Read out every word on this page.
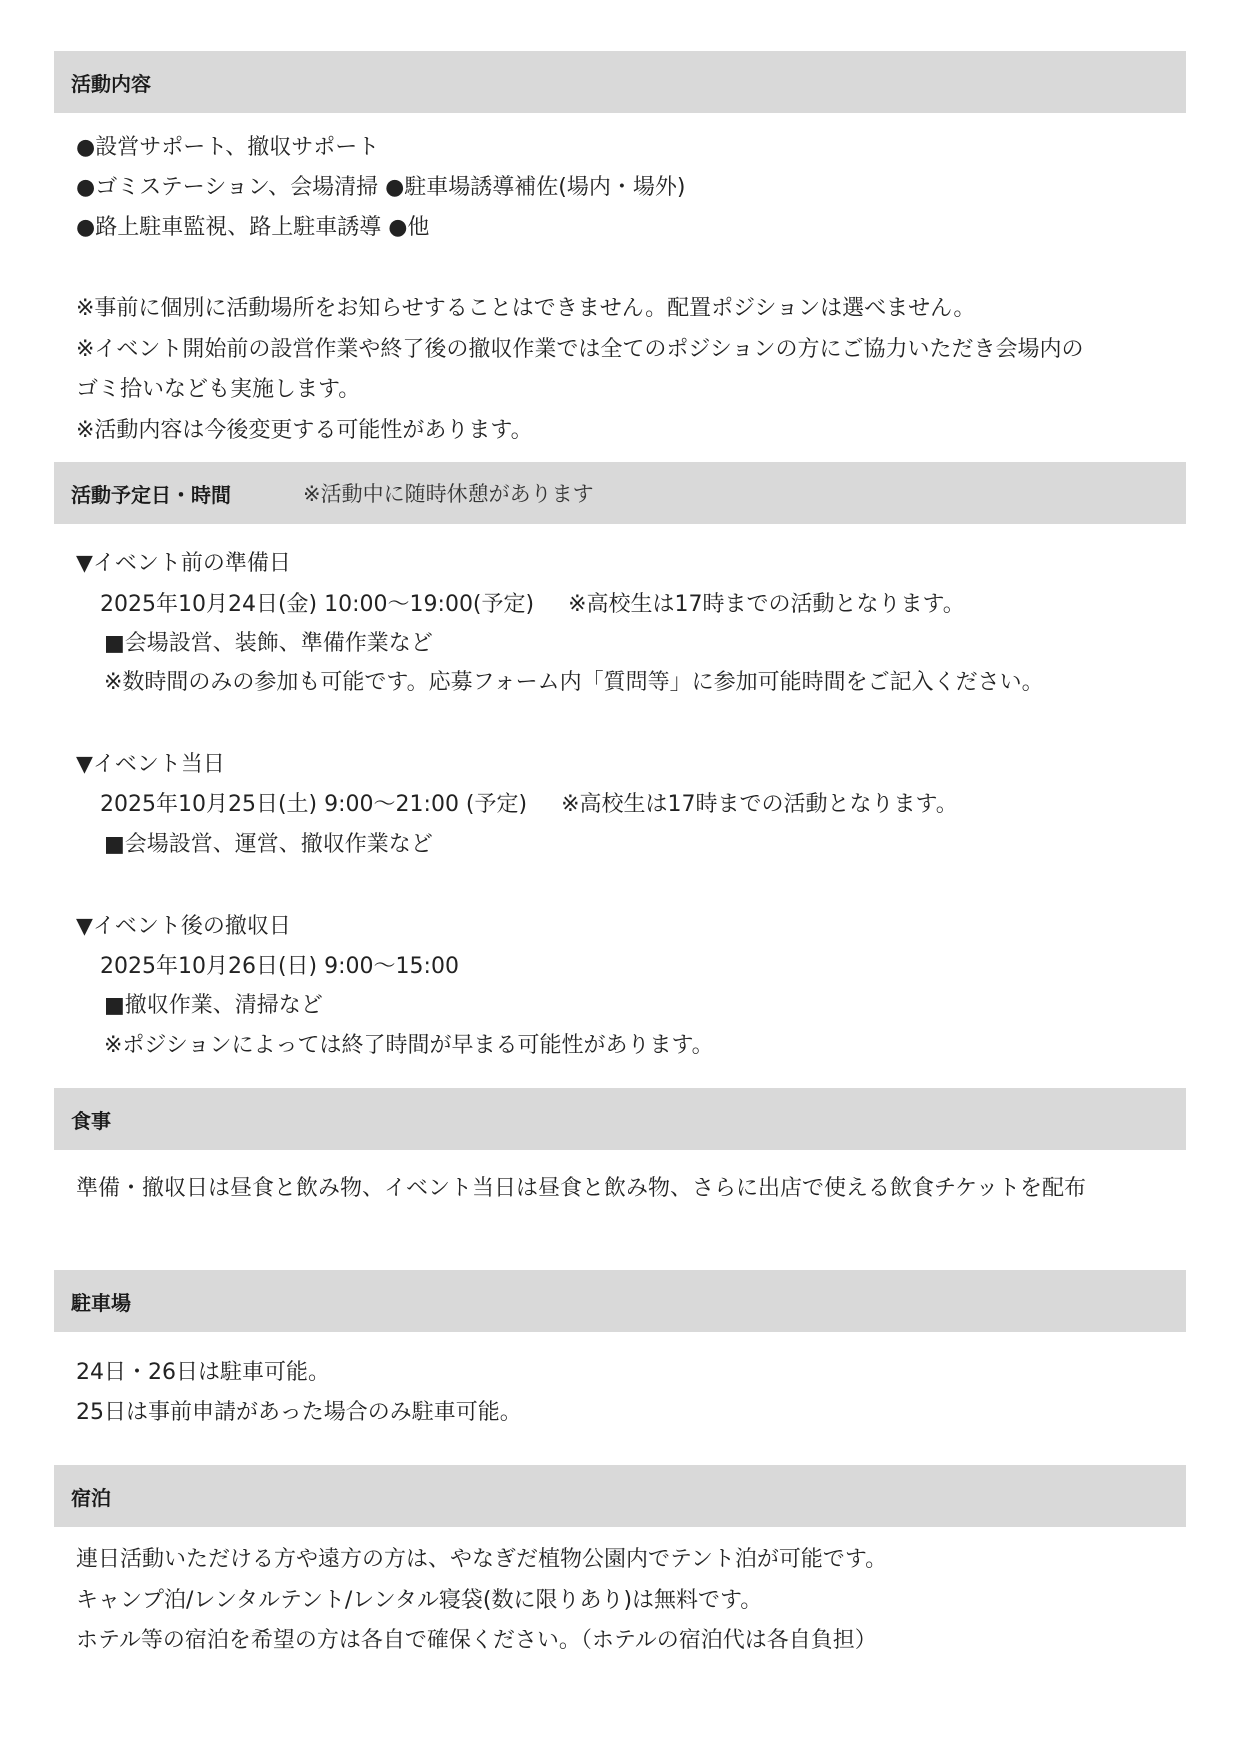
活動内容
●設営サポート、撤収サポート
●ゴミステーション、会場清掃 ●駐車場誘導補佐(場内・場外)
●路上駐車監視、路上駐車誘導 ●他
※事前に個別に活動場所をお知らせすることはできません。配置ポジションは選べません。
※イベント開始前の設営作業や終了後の撤収作業では全てのポジションの方にご協力いただき会場内の
ゴミ拾いなども実施します。
※活動内容は今後変更する可能性があります。
活動予定日・時間	※活動中に随時休憩があります
▼イベント前の準備日
2025年10月24日(金) 10:00〜19:00(予定) ※高校生は17時までの活動となります。
■会場設営、装飾、準備作業など
※数時間のみの参加も可能です。応募フォーム内「質問等」に参加可能時間をご記入ください。
▼イベント当日
2025年10月25日(土) 9:00〜21:00 (予定) ※高校生は17時までの活動となります。
■会場設営、運営、撤収作業など
▼イベント後の撤収日
2025年10月26日(日) 9:00〜15:00
■撤収作業、清掃など
※ポジションによっては終了時間が早まる可能性があります。
食事
準備・撤収日は昼食と飲み物、イベント当日は昼食と飲み物、さらに出店で使える飲食チケットを配布
駐車場
24日・26日は駐車可能。
25日は事前申請があった場合のみ駐車可能。
宿泊
連日活動いただける方や遠方の方は、やなぎだ植物公園内でテント泊が可能です。
キャンプ泊/レンタルテント/レンタル寝袋(数に限りあり)は無料です。
ホテル等の宿泊を希望の方は各自で確保ください。（ホテルの宿泊代は各自負担）
